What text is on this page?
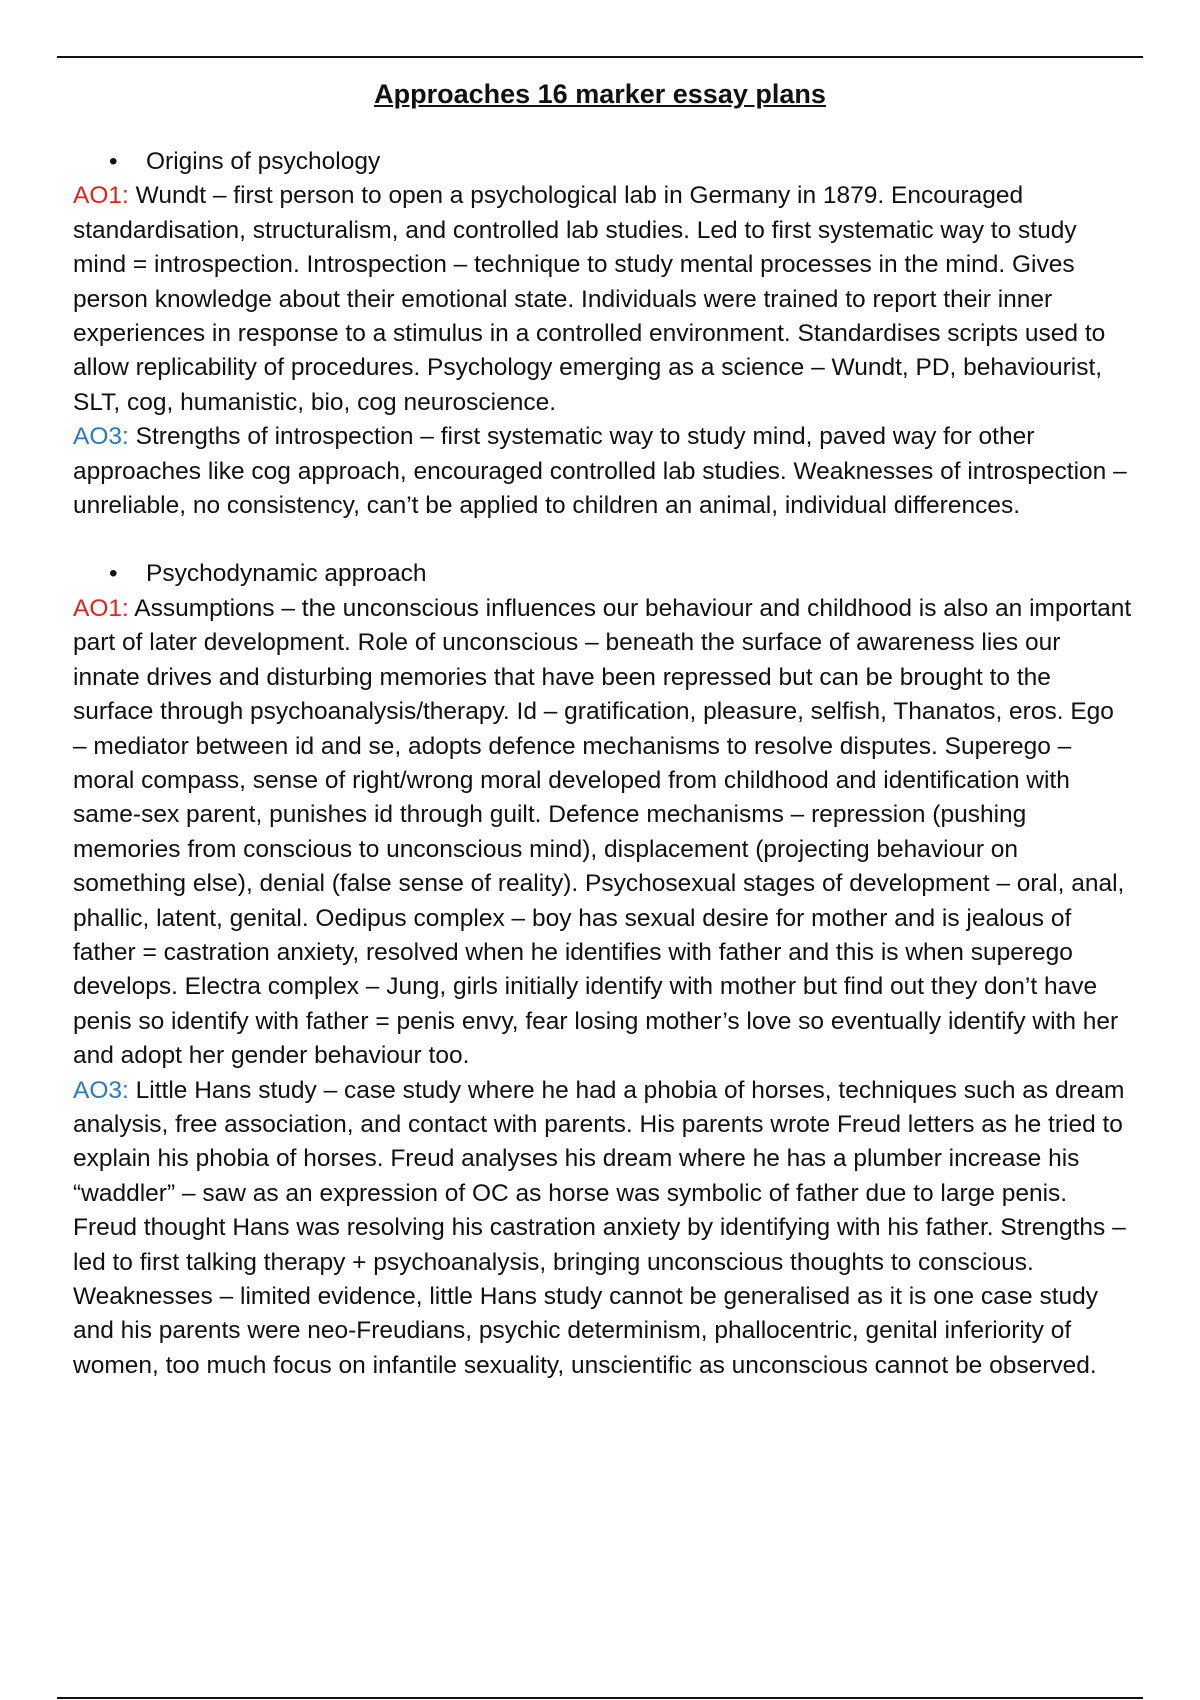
Approaches 16 marker essay plans

• Origins of psychology

AO1: Wundt – first person to open a psychological lab in Germany in 1879. Encouraged standardisation, structuralism, and controlled lab studies. Led to first systematic way to study mind = introspection. Introspection – technique to study mental processes in the mind. Gives person knowledge about their emotional state. Individuals were trained to report their inner experiences in response to a stimulus in a controlled environment. Standardises scripts used to allow replicability of procedures. Psychology emerging as a science – Wundt, PD, behaviourist, SLT, cog, humanistic, bio, cog neuroscience.

AO3: Strengths of introspection – first systematic way to study mind, paved way for other approaches like cog approach, encouraged controlled lab studies. Weaknesses of introspection – unreliable, no consistency, can’t be applied to children an animal, individual differences.

• Psychodynamic approach

AO1: Assumptions – the unconscious influences our behaviour and childhood is also an important part of later development. Role of unconscious – beneath the surface of awareness lies our innate drives and disturbing memories that have been repressed but can be brought to the surface through psychoanalysis/therapy. Id – gratification, pleasure, selfish, Thanatos, eros. Ego – mediator between id and se, adopts defence mechanisms to resolve disputes. Superego – moral compass, sense of right/wrong moral developed from childhood and identification with same-sex parent, punishes id through guilt. Defence mechanisms – repression (pushing memories from conscious to unconscious mind), displacement (projecting behaviour on something else), denial (false sense of reality). Psychosexual stages of development – oral, anal, phallic, latent, genital. Oedipus complex – boy has sexual desire for mother and is jealous of father = castration anxiety, resolved when he identifies with father and this is when superego develops. Electra complex – Jung, girls initially identify with mother but find out they don’t have penis so identify with father = penis envy, fear losing mother’s love so eventually identify with her and adopt her gender behaviour too.

AO3: Little Hans study – case study where he had a phobia of horses, techniques such as dream analysis, free association, and contact with parents. His parents wrote Freud letters as he tried to explain his phobia of horses. Freud analyses his dream where he has a plumber increase his “waddler” – saw as an expression of OC as horse was symbolic of father due to large penis. Freud thought Hans was resolving his castration anxiety by identifying with his father. Strengths – led to first talking therapy + psychoanalysis, bringing unconscious thoughts to conscious. Weaknesses – limited evidence, little Hans study cannot be generalised as it is one case study and his parents were neo-Freudians, psychic determinism, phallocentric, genital inferiority of women, too much focus on infantile sexuality, unscientific as unconscious cannot be observed.
